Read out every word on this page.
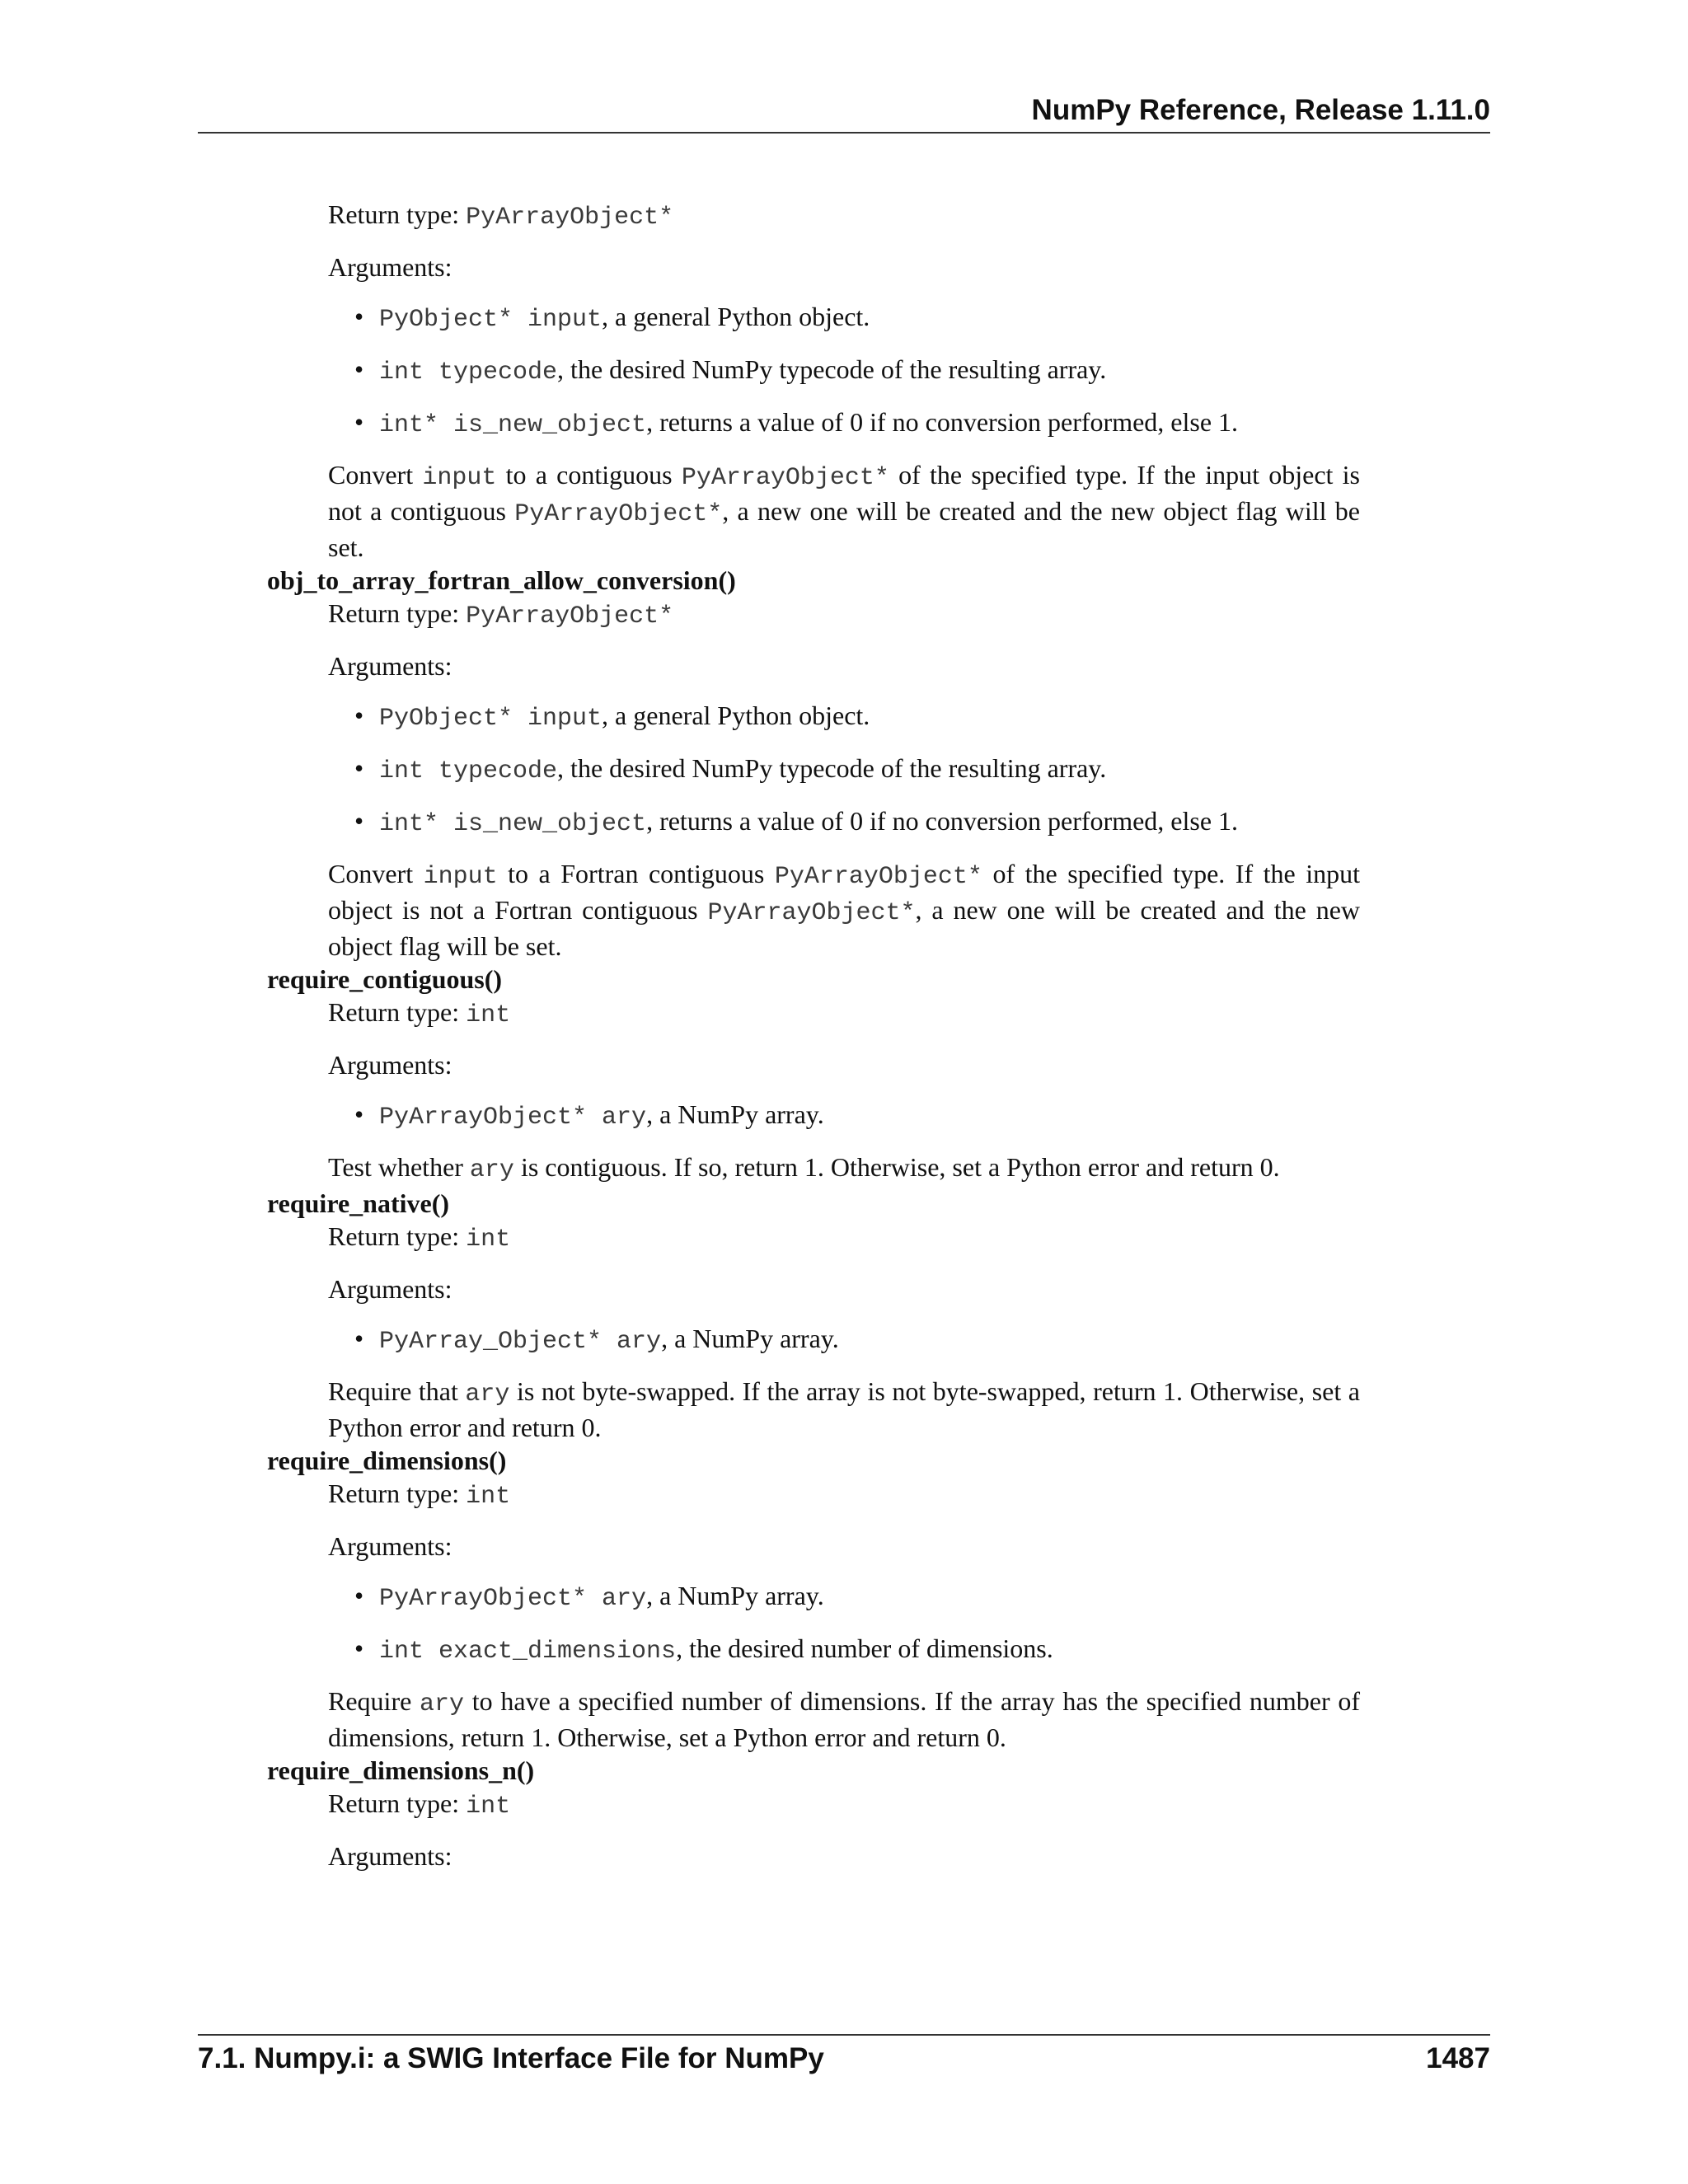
NumPy Reference, Release 1.11.0

Return type: PyArrayObject*

Arguments:

• PyObject* input, a general Python object.
• int typecode, the desired NumPy typecode of the resulting array.
• int* is_new_object, returns a value of 0 if no conversion performed, else 1.

Convert input to a contiguous PyArrayObject* of the specified type. If the input object is not a contiguous PyArrayObject*, a new one will be created and the new object flag will be set.

obj_to_array_fortran_allow_conversion()

Return type: PyArrayObject*

Arguments:

• PyObject* input, a general Python object.
• int typecode, the desired NumPy typecode of the resulting array.
• int* is_new_object, returns a value of 0 if no conversion performed, else 1.

Convert input to a Fortran contiguous PyArrayObject* of the specified type. If the input object is not a Fortran contiguous PyArrayObject*, a new one will be created and the new object flag will be set.

require_contiguous()

Return type: int

Arguments:

• PyArrayObject* ary, a NumPy array.

Test whether ary is contiguous. If so, return 1. Otherwise, set a Python error and return 0.

require_native()

Return type: int

Arguments:

• PyArray_Object* ary, a NumPy array.

Require that ary is not byte-swapped. If the array is not byte-swapped, return 1. Otherwise, set a Python error and return 0.

require_dimensions()

Return type: int

Arguments:

• PyArrayObject* ary, a NumPy array.
• int exact_dimensions, the desired number of dimensions.

Require ary to have a specified number of dimensions. If the array has the specified number of dimensions, return 1. Otherwise, set a Python error and return 0.

require_dimensions_n()

Return type: int

Arguments:

7.1. Numpy.i: a SWIG Interface File for NumPy	1487
